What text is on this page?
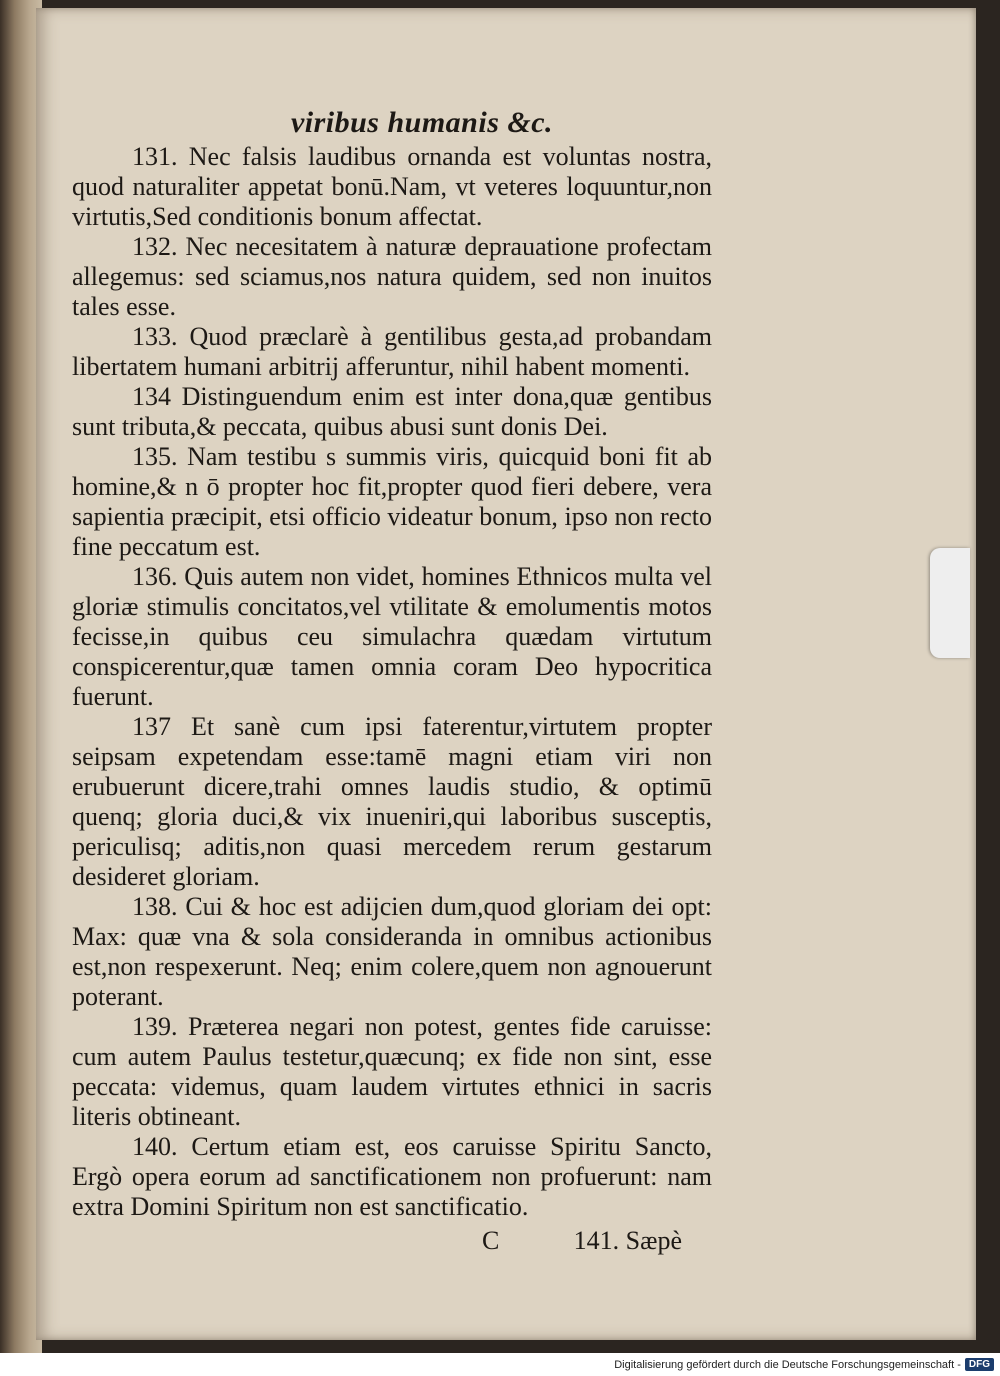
viribus humanis &c.

131. Nec falsis laudibus ornanda est voluntas nostra, quod naturaliter appetat bonū.Nam, vt veteres loquuntur,non virtutis,Sed conditionis bonum affectat.

132. Nec necesitatem à naturæ deprauatione profectam allegemus: sed sciamus,nos natura quidem, sed non inuitos tales esse.

133. Quod præclarè à gentilibus gesta,ad probandam libertatem humani arbitrij afferuntur, nihil habent momenti.

134 Distinguendum enim est inter dona,quæ gentibus sunt tributa,& peccata, quibus abusi sunt donis Dei.

135. Nam testibu s summis viris, quicquid boni fit ab homine,& n ō propter hoc fit,propter quod fieri debere, vera sapientia præcipit, etsi officio videatur bonum, ipso non recto fine peccatum est.

136. Quis autem non videt, homines Ethnicos multa vel gloriæ stimulis concitatos,vel vtilitate & emolumentis motos fecisse,in quibus ceu simulachra quædam virtutum conspicerentur,quæ tamen omnia coram Deo hypocritica fuerunt.

137 Et sanè cum ipsi faterentur,virtutem propter seipsam expetendam esse:tamē magni etiam viri non erubuerunt dicere,trahi omnes laudis studio, & optimū quenq; gloria duci,& vix inueniri,qui laboribus susceptis, periculisq; aditis,non quasi mercedem rerum gestarum desideret gloriam.

138. Cui & hoc est adijcien dum,quod gloriam dei opt: Max: quæ vna & sola consideranda in omnibus actionibus est,non respexerunt. Neq; enim colere,quem non agnouerunt poterant.

139. Præterea negari non potest, gentes fide caruisse: cum autem Paulus testetur,quæcunq; ex fide non sint, esse peccata: videmus, quam laudem virtutes ethnici in sacris literis obtineant.

140. Certum etiam est, eos caruisse Spiritu Sancto, Ergò opera eorum ad sanctificationem non profuerunt: nam extra Domini Spiritum non est sanctificatio.

C	141. Sæpè
Digitalisierung gefördert durch die Deutsche Forschungsgemeinschaft - DFG
